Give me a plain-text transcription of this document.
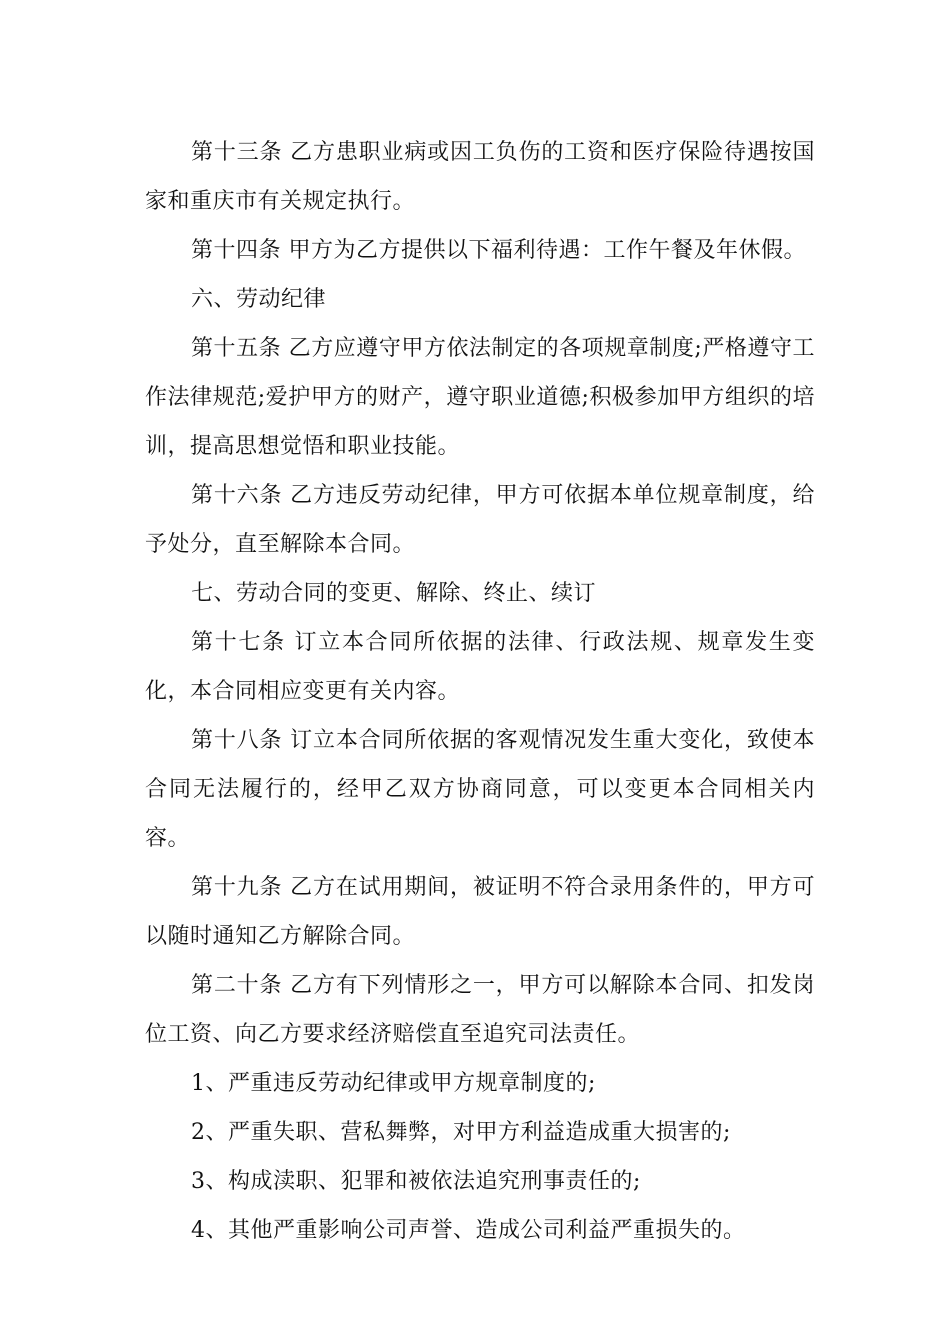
第十三条 乙方患职业病或因工负伤的工资和医疗保险待遇按国家和重庆市有关规定执行。

第十四条 甲方为乙方提供以下福利待遇：工作午餐及年休假。

六、劳动纪律

第十五条 乙方应遵守甲方依法制定的各项规章制度;严格遵守工作法律规范;爱护甲方的财产，遵守职业道德;积极参加甲方组织的培训，提高思想觉悟和职业技能。

第十六条 乙方违反劳动纪律，甲方可依据本单位规章制度，给予处分，直至解除本合同。

七、劳动合同的变更、解除、终止、续订

第十七条 订立本合同所依据的法律、行政法规、规章发生变化，本合同相应变更有关内容。

第十八条 订立本合同所依据的客观情况发生重大变化，致使本合同无法履行的，经甲乙双方协商同意，可以变更本合同相关内容。

第十九条 乙方在试用期间，被证明不符合录用条件的，甲方可以随时通知乙方解除合同。

第二十条 乙方有下列情形之一，甲方可以解除本合同、扣发岗位工资、向乙方要求经济赔偿直至追究司法责任。

1、严重违反劳动纪律或甲方规章制度的;

2、严重失职、营私舞弊，对甲方利益造成重大损害的;

3、构成渎职、犯罪和被依法追究刑事责任的;

4、其他严重影响公司声誉、造成公司利益严重损失的。
